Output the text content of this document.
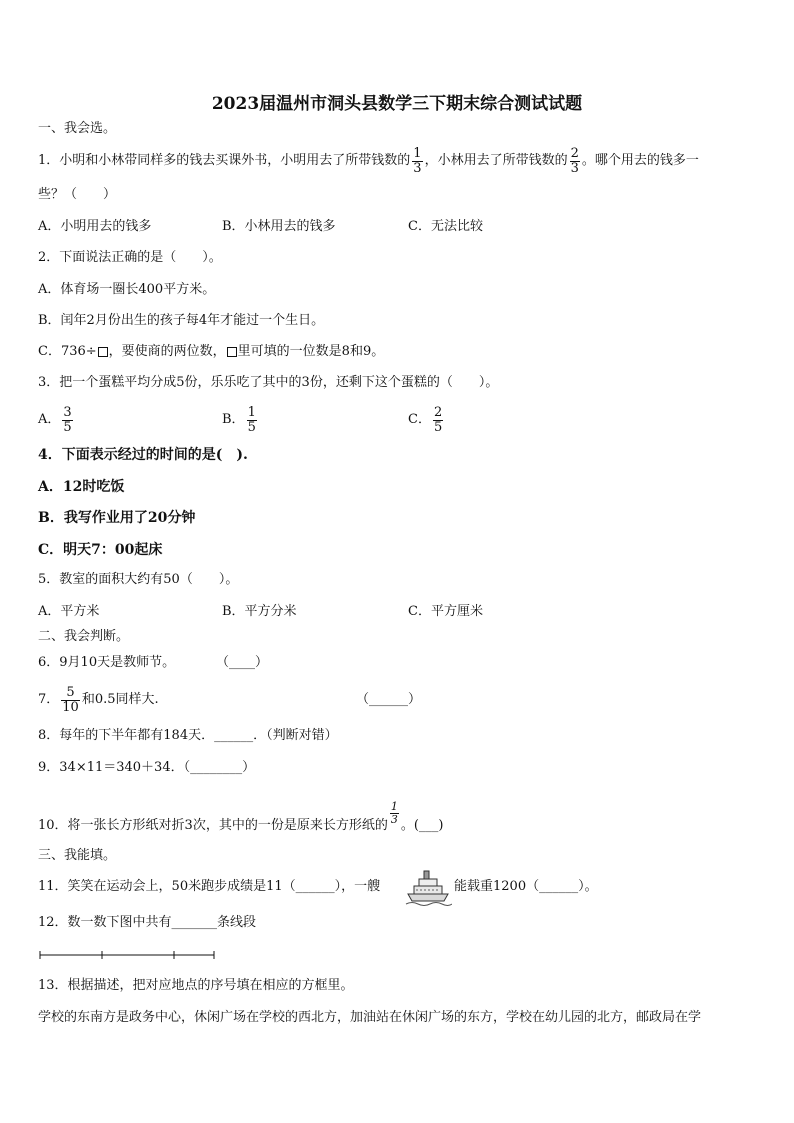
2023届温州市洞头县数学三下期末综合测试试题
一、我会选。
1． 小明和小林带同样多的钱去买课外书，小明用去了所带钱数的 $\frac{1}{3}$ ，小林用去了所带钱数的 $\frac{2}{3}$ 。哪个用去的钱多一
些？（　　）
A．小明用去的钱多	B．小林用去的钱多	C．无法比较
2．下面说法正确的是（　　）。
A．体育场一圈长400平方米。
B．闰年2月份出生的孩子每4年才能过一个生日。
C．736÷ ，要使商的两位数， 里可填的一位数是8和9。
3．把一个蛋糕平均分成5份，乐乐吃了其中的3份，还剩下这个蛋糕的（　　）。
A． $\frac{3}{5}$	B． $\frac{1}{5}$	C． $\frac{2}{5}$
4．下面表示经过的时间的是(　).
A．12时吃饭
B．我写作业用了20分钟
C．明天7：00起床
5．教室的面积大约有50（　　）。
A．平方米	B．平方分米	C．平方厘米
二、我会判断。
6．9月10天是教师节。	（____）
7． $\frac{5}{10}$ 和0.5同样大.	（______）
8．每年的下半年都有184天．______．（判断对错）
9．34×11＝340＋34．（________）
10．将一张长方形纸对折3次，其中的一份是原来长方形纸的 $\frac{1}{3}$ 。(___)
三、我能填。
11．笑笑在运动会上，50米跑步成绩是11（______），一艘	能载重1200（______）。
12．数一数下图中共有_______条线段
13．根据描述，把对应地点的序号填在相应的方框里。
学校的东南方是政务中心，休闲广场在学校的西北方，加油站在休闲广场的东方，学校在幼儿园的北方，邮政局在学
